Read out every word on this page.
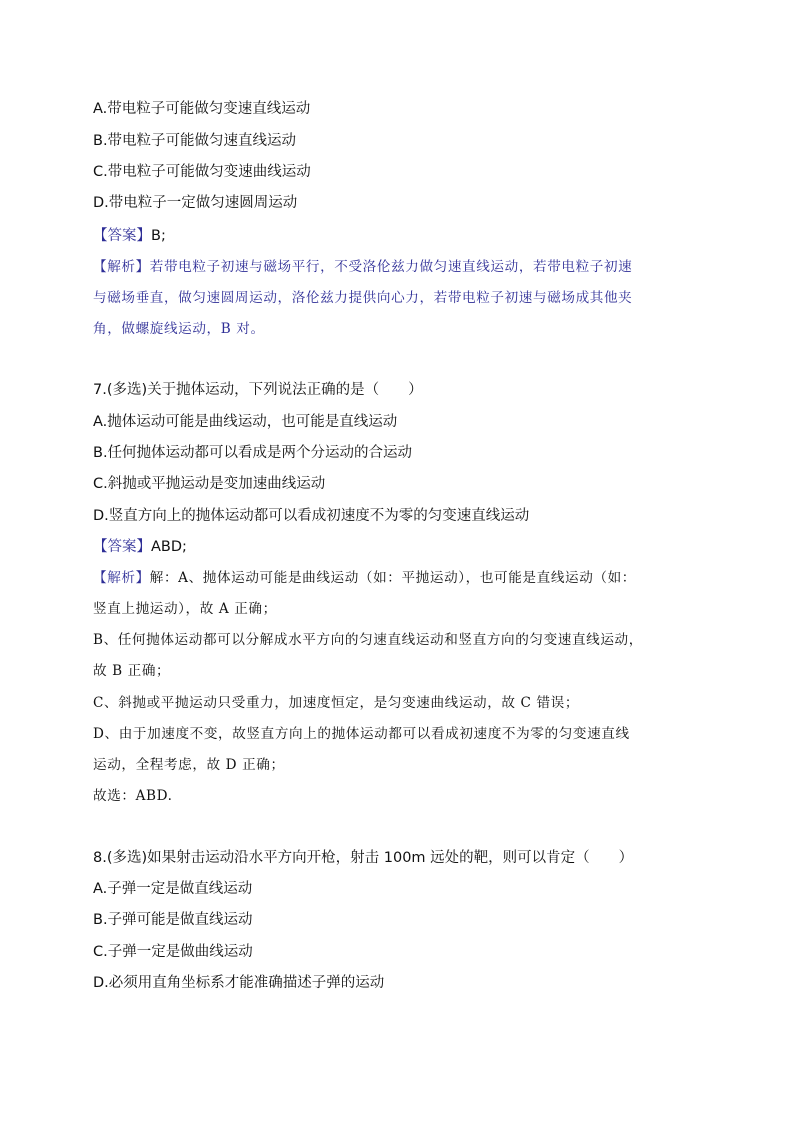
A.带电粒子可能做匀变速直线运动
B.带电粒子可能做匀速直线运动
C.带电粒子可能做匀变速曲线运动
D.带电粒子一定做匀速圆周运动
【答案】B;
【解析】若带电粒子初速与磁场平行，不受洛伦兹力做匀速直线运动，若带电粒子初速
与磁场垂直，做匀速圆周运动，洛伦兹力提供向心力，若带电粒子初速与磁场成其他夹
角，做螺旋线运动，B 对。
7.(多选)关于抛体运动，下列说法正确的是（　　）
A.抛体运动可能是曲线运动，也可能是直线运动
B.任何抛体运动都可以看成是两个分运动的合运动
C.斜抛或平抛运动是变加速曲线运动
D.竖直方向上的抛体运动都可以看成初速度不为零的匀变速直线运动
【答案】ABD;
【解析】解：A、抛体运动可能是曲线运动（如：平抛运动），也可能是直线运动（如：
竖直上抛运动），故 A 正确；
B、任何抛体运动都可以分解成水平方向的匀速直线运动和竖直方向的匀变速直线运动，
故 B 正确；
C、斜抛或平抛运动只受重力，加速度恒定，是匀变速曲线运动，故 C 错误；
D、由于加速度不变，故竖直方向上的抛体运动都可以看成初速度不为零的匀变速直线
运动，全程考虑，故 D 正确；
故选：ABD.
8.(多选)如果射击运动沿水平方向开枪，射击 100m 远处的靶，则可以肯定（　　）
A.子弹一定是做直线运动
B.子弹可能是做直线运动
C.子弹一定是做曲线运动
D.必须用直角坐标系才能准确描述子弹的运动
